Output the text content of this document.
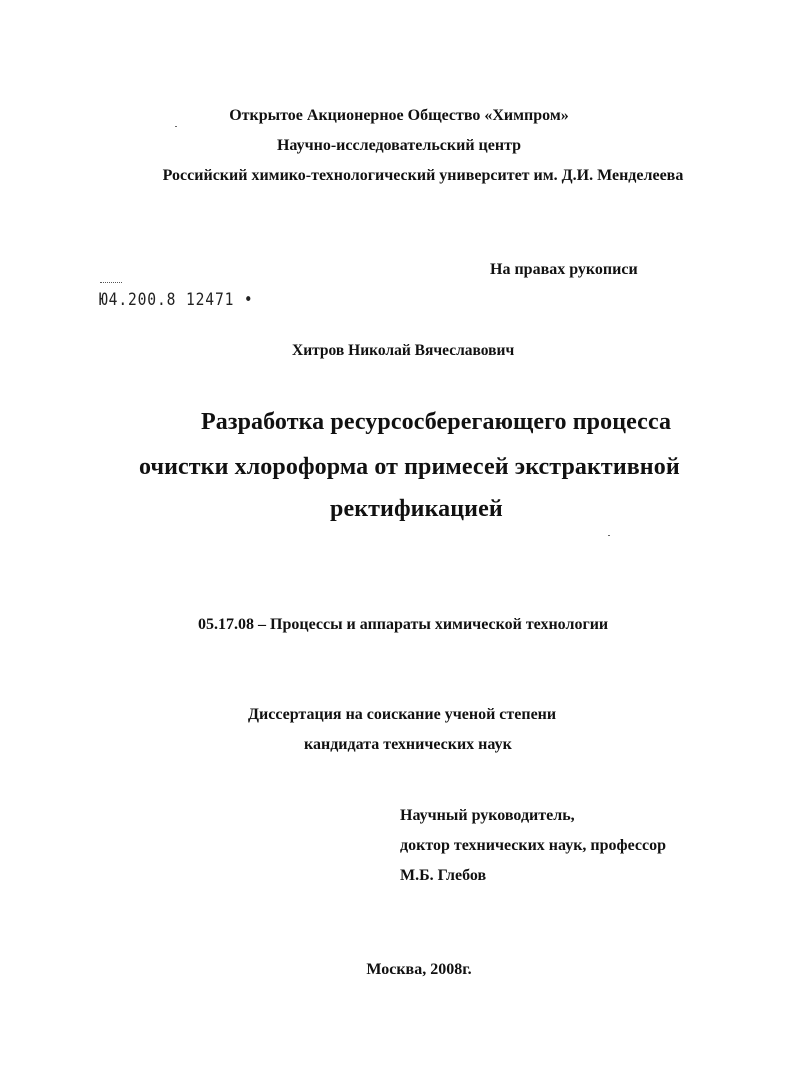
Открытое Акционерное Общество «Химпром»
Научно-исследовательский центр
Российский химико-технологический университет им. Д.И. Менделеева
На правах рукописи
Ю4.200.8 12471 •
Хитров Николай Вячеславович
Разработка ресурсосберегающего процесса
очистки хлороформа от примесей экстрактивной
ректификацией
05.17.08 – Процессы и аппараты химической технологии
Диссертация на соискание ученой степени
кандидата технических наук
Научный руководитель,
доктор технических наук, профессор
М.Б. Глебов
Москва, 2008г.
